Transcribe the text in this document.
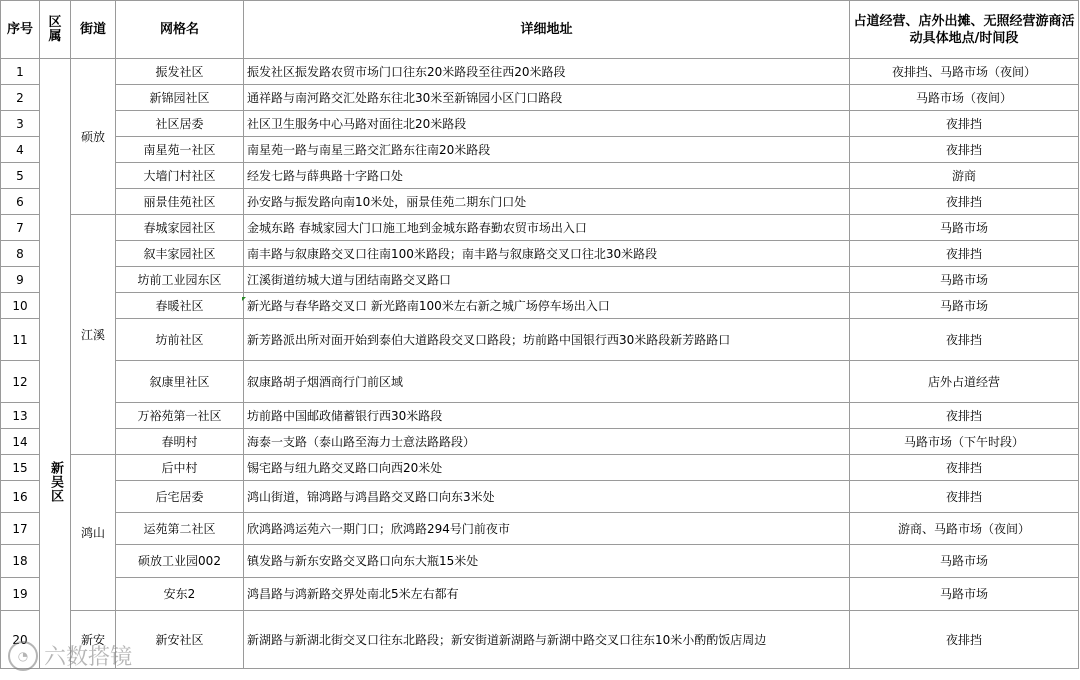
序号	区属	街道	网格名	详细地址	占道经营、店外出摊、无照经营游商活动具体地点/时间段
1	新吴区	硕放	振发社区	振发社区振发路农贸市场门口往东20米路段至往西20米路段	夜排挡、马路市场（夜间）
2			新锦园社区	通祥路与南河路交汇处路东往北30米至新锦园小区门口路段	马路市场（夜间）
3			社区居委	社区卫生服务中心马路对面往北20米路段	夜排挡
4			南星苑一社区	南星苑一路与南星三路交汇路东往南20米路段	夜排挡
5			大墙门村社区	经发七路与薛典路十字路口处	游商
6			丽景佳苑社区	孙安路与振发路向南10米处，丽景佳苑二期东门口处	夜排挡
7		江溪	春城家园社区	金城东路 春城家园大门口施工地到金城东路春勤农贸市场出入口	马路市场
8			叙丰家园社区	南丰路与叙康路交叉口往南100米路段；南丰路与叙康路交叉口往北30米路段	夜排挡
9			坊前工业园东区	江溪街道纺城大道与团结南路交叉路口	马路市场
10			春暖社区	新光路与春华路交叉口 新光路南100米左右新之城广场停车场出入口	马路市场
11			坊前社区	新芳路派出所对面开始到泰伯大道路段交叉口路段；坊前路中国银行西30米路段新芳路路口	夜排挡
12			叙康里社区	叙康路胡子烟酒商行门前区域	店外占道经营
13			万裕苑第一社区	坊前路中国邮政储蓄银行西30米路段	夜排挡
14			春明村	海泰一支路（泰山路至海力士意法路路段）	马路市场（下午时段）
15		鸿山	后中村	锡宅路与纽九路交叉路口向西20米处	夜排挡
16			后宅居委	鸿山街道，锦鸿路与鸿昌路交叉路口向东3米处	夜排挡
17			运苑第二社区	欣鸿路鸿运苑六一期门口；欣鸿路294号门前夜市	游商、马路市场（夜间）
18			硕放工业园002	镇发路与新东安路交叉路口向东大瓶15米处	马路市场
19			安东2	鸿昌路与鸿新路交界处南北5米左右都有	马路市场
20		新安	新安社区	新湖路与新湖北街交叉口往东北路段；新安街道新湖路与新湖中路交叉口往东10米小酌酌饭店周边	夜排挡
◔ 六数搭镜
